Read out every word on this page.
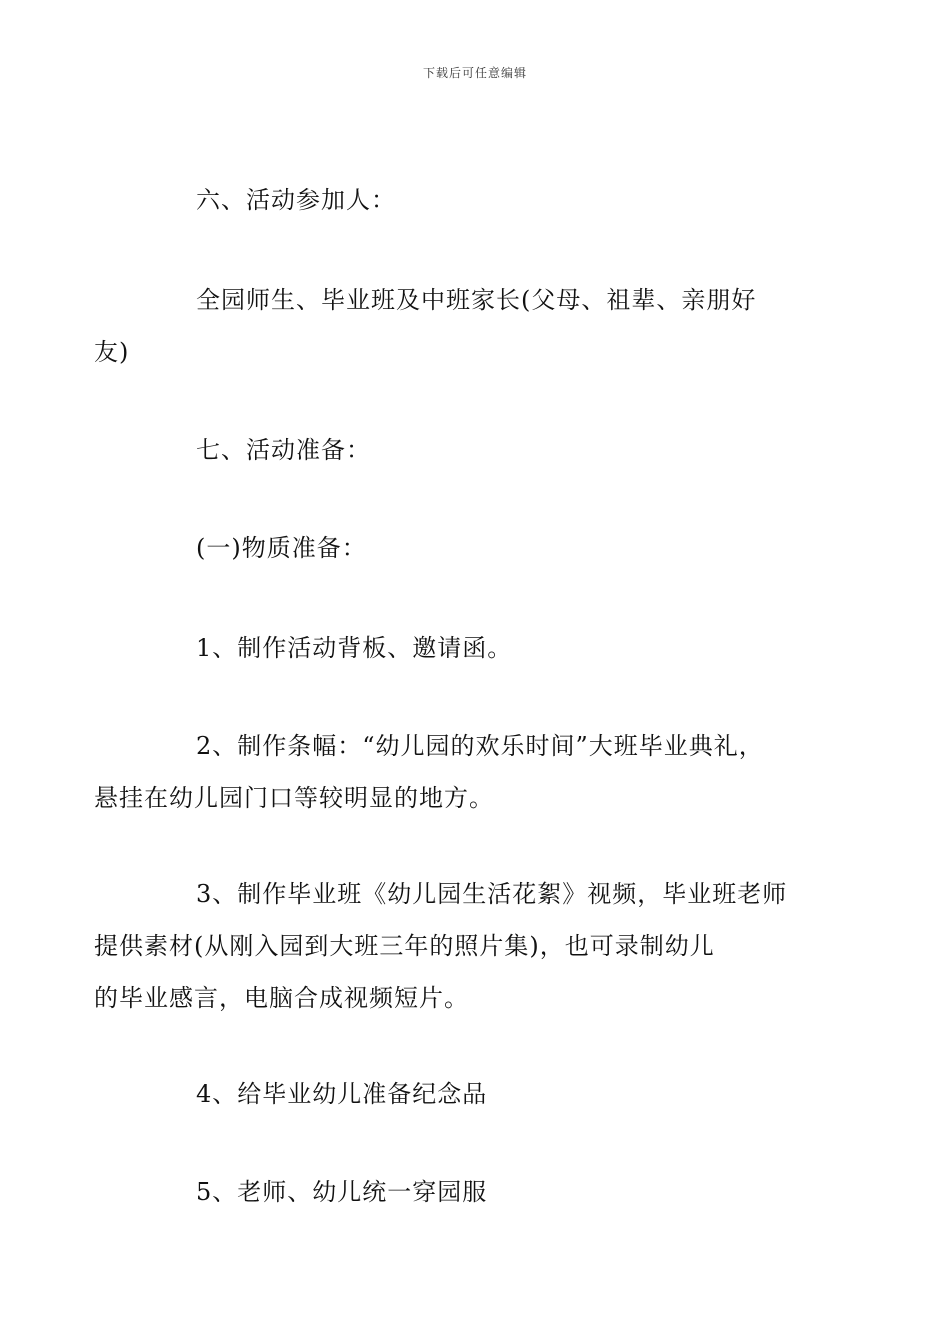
下载后可任意编辑
六、活动参加人：
全园师生、毕业班及中班家长(父母、祖辈、亲朋好
友)
七、活动准备：
(一)物质准备：
1、制作活动背板、邀请函。
2、制作条幅：“幼儿园的欢乐时间”大班毕业典礼，
悬挂在幼儿园门口等较明显的地方。
3、制作毕业班《幼儿园生活花絮》视频，毕业班老师
提供素材(从刚入园到大班三年的照片集)，也可录制幼儿
的毕业感言，电脑合成视频短片。
4、给毕业幼儿准备纪念品
5、老师、幼儿统一穿园服
